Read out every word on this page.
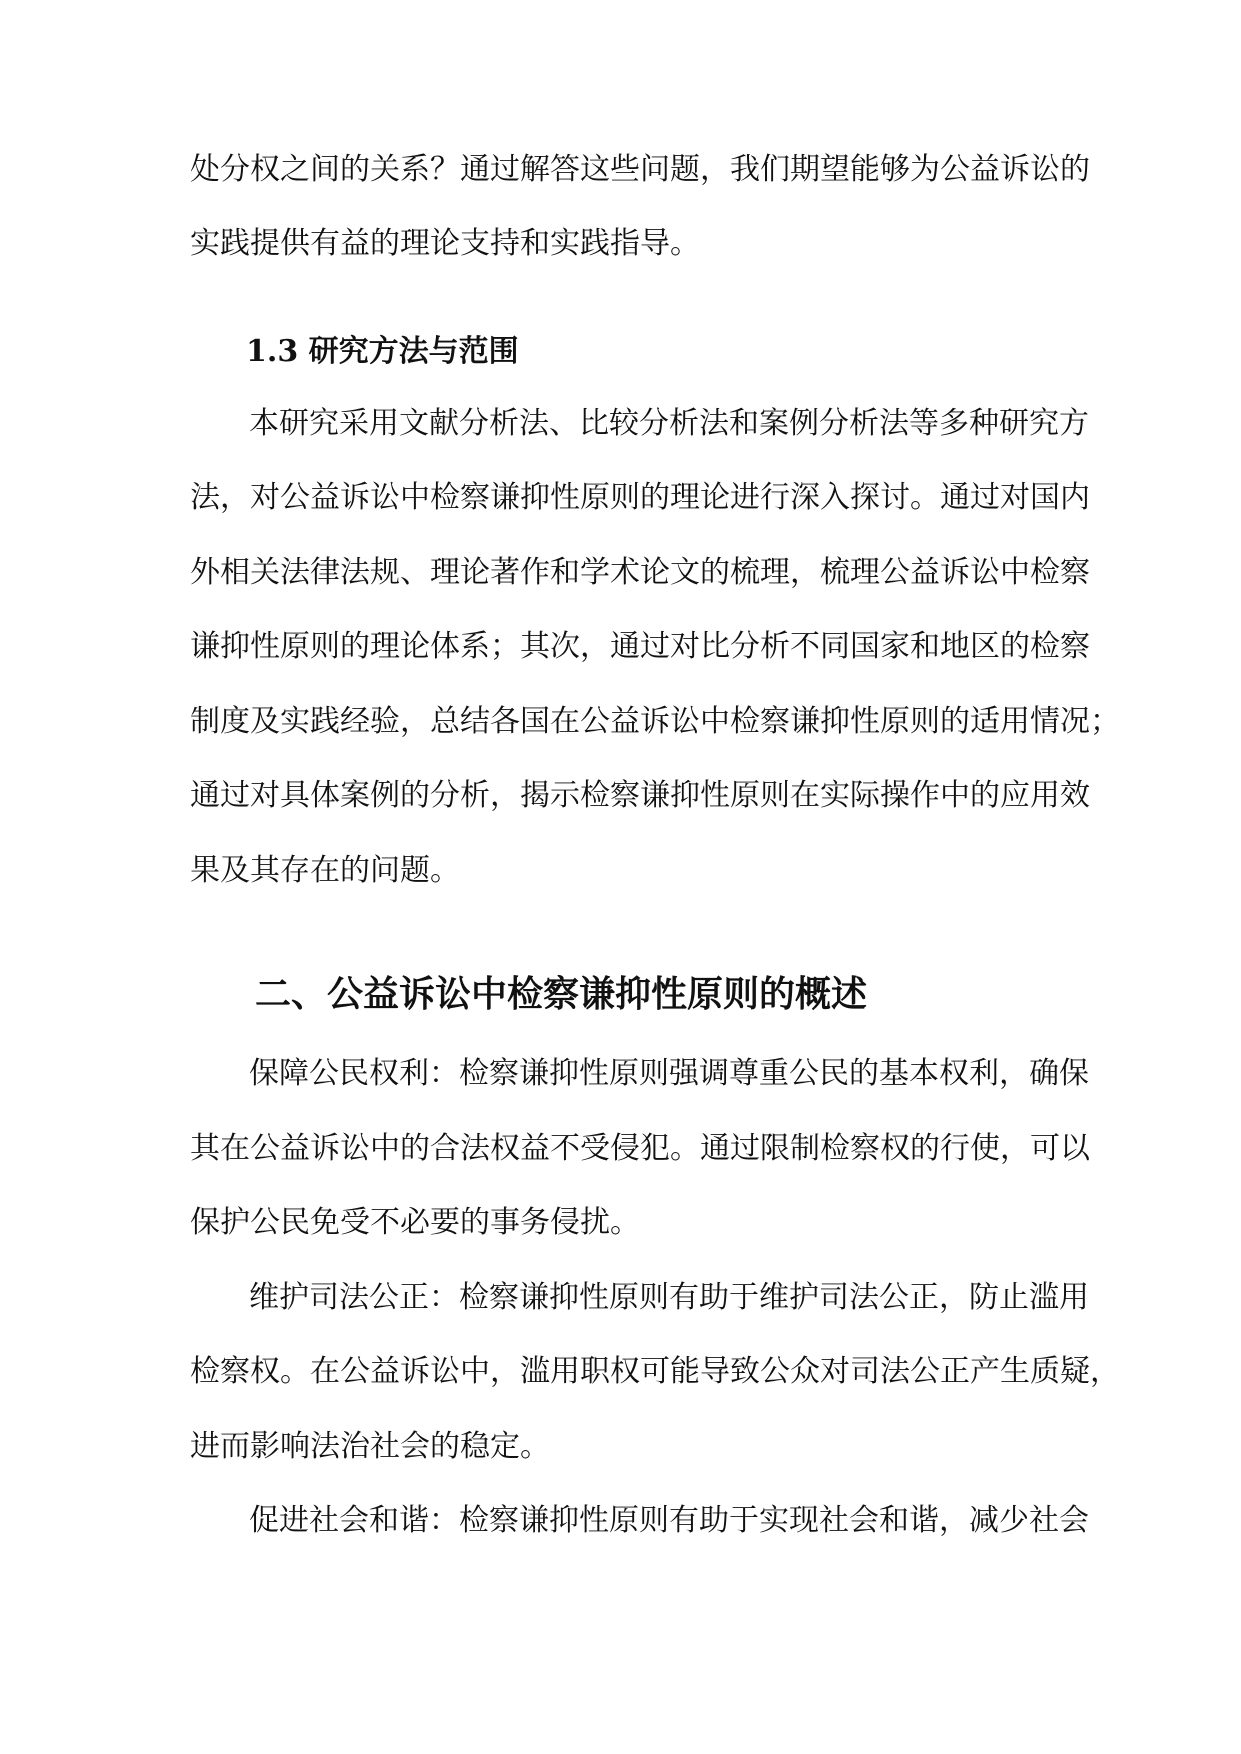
处分权之间的关系？通过解答这些问题，我们期望能够为公益诉讼的
实践提供有益的理论支持和实践指导。
1.3 研究方法与范围
本研究采用文献分析法、比较分析法和案例分析法等多种研究方
法，对公益诉讼中检察谦抑性原则的理论进行深入探讨。通过对国内
外相关法律法规、理论著作和学术论文的梳理，梳理公益诉讼中检察
谦抑性原则的理论体系；其次，通过对比分析不同国家和地区的检察
制度及实践经验，总结各国在公益诉讼中检察谦抑性原则的适用情况；
通过对具体案例的分析，揭示检察谦抑性原则在实际操作中的应用效
果及其存在的问题。
二、公益诉讼中检察谦抑性原则的概述
保障公民权利：检察谦抑性原则强调尊重公民的基本权利，确保
其在公益诉讼中的合法权益不受侵犯。通过限制检察权的行使，可以
保护公民免受不必要的事务侵扰。
维护司法公正：检察谦抑性原则有助于维护司法公正，防止滥用
检察权。在公益诉讼中，滥用职权可能导致公众对司法公正产生质疑，
进而影响法治社会的稳定。
促进社会和谐：检察谦抑性原则有助于实现社会和谐，减少社会
